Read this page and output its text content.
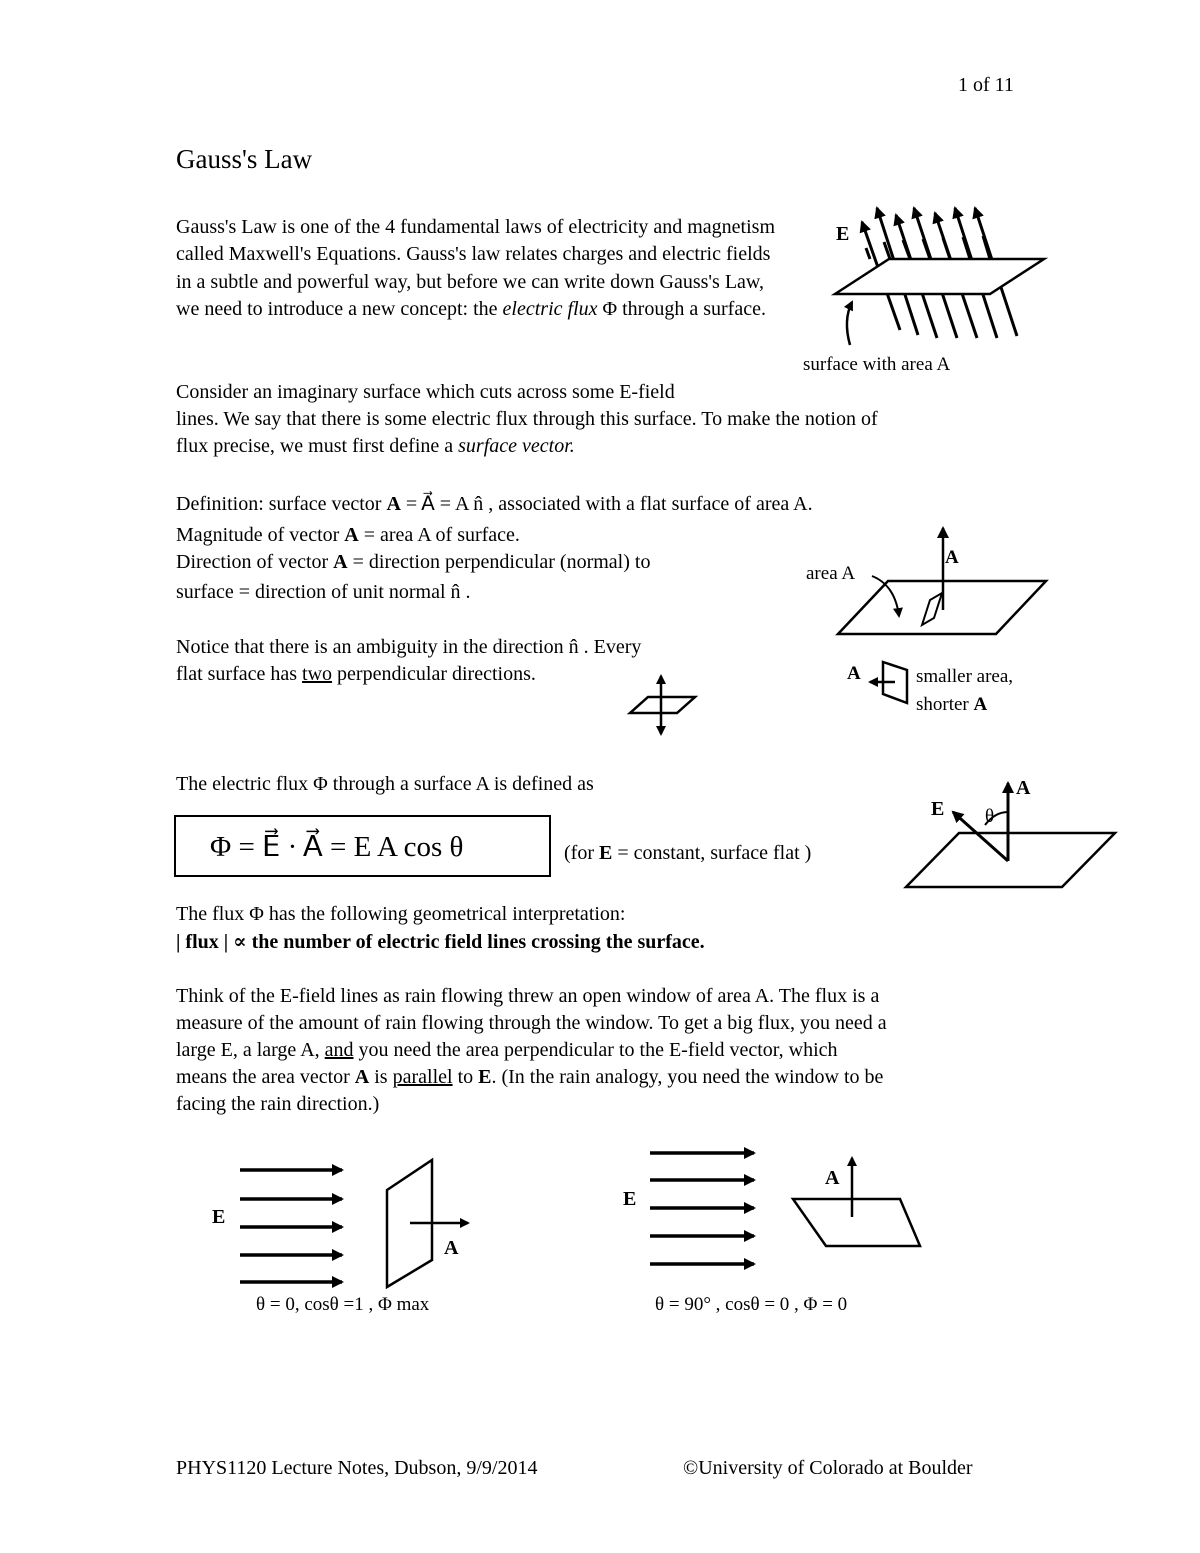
1 of 11
Gauss's Law
Gauss's Law is one of the 4 fundamental laws of electricity and magnetism called Maxwell's Equations. Gauss's law relates charges and electric fields in a subtle and powerful way, but before we can write down Gauss's Law, we need to introduce a new concept: the electric flux Φ through a surface.
Consider an imaginary surface which cuts across some E-field
lines. We say that there is some electric flux through this surface. To make the notion of
flux precise, we must first define a surface vector.
Definition: surface vector A = A⃗ = A n̂ , associated with a flat surface of area A.
Magnitude of vector A = area A of surface.
Direction of vector A = direction perpendicular (normal) to
surface = direction of unit normal n̂ .
Notice that there is an ambiguity in the direction n̂ . Every
flat surface has two perpendicular directions.
The electric flux Φ through a surface A is defined as
Φ = E⃗ · A⃗ = E A cos θ	(for E = constant, surface flat )
The flux Φ has the following geometrical interpretation:
| flux | ∝ the number of electric field lines crossing the surface.
Think of the E-field lines as rain flowing threw an open window of area A. The flux is a
measure of the amount of rain flowing through the window. To get a big flux, you need a
large E, a large A, and you need the area perpendicular to the E-field vector, which
means the area vector A is parallel to E. (In the rain analogy, you need the window to be
facing the rain direction.)
E
surface with area A
area A
A
A	smaller area,
shorter A
A
E θ
E
A
θ = 0, cosθ =1 , Φ max
E
A
θ = 90° , cosθ = 0 , Φ = 0
PHYS1120 Lecture Notes, Dubson, 9/9/2014	©University of Colorado at Boulder
